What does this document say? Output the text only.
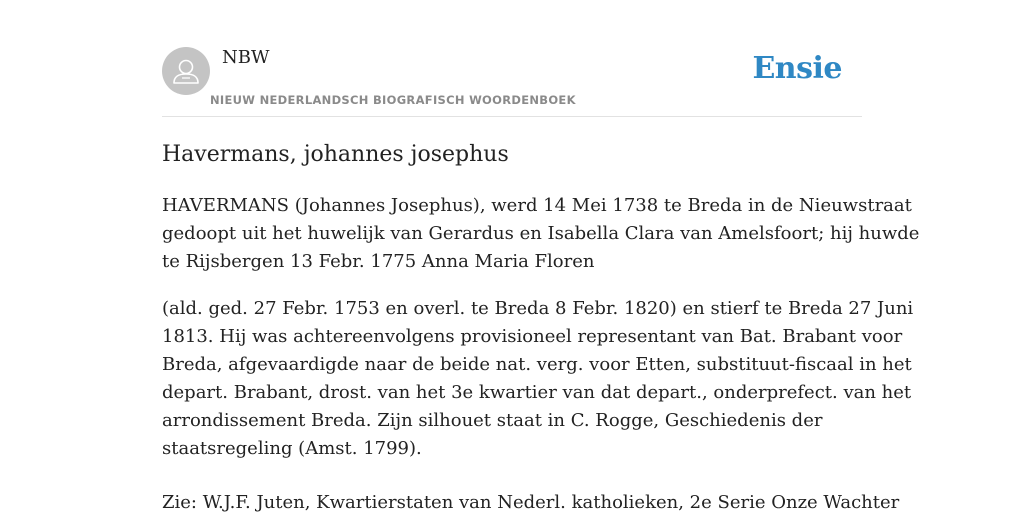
NBW
NIEUW NEDERLANDSCH BIOGRAFISCH WOORDENBOEK
Ensie
Havermans, johannes josephus

HAVERMANS (Johannes Josephus), werd 14 Mei 1738 te Breda in de Nieuwstraat
gedoopt uit het huwelijk van Gerardus en Isabella Clara van Amelsfoort; hij huwde
te Rijsbergen 13 Febr. 1775 Anna Maria Floren

(ald. ged. 27 Febr. 1753 en overl. te Breda 8 Febr. 1820) en stierf te Breda 27 Juni
1813. Hij was achtereenvolgens provisioneel representant van Bat. Brabant voor
Breda, afgevaardigde naar de beide nat. verg. voor Etten, substituut-fiscaal in het
depart. Brabant, drost. van het 3e kwartier van dat depart., onderprefect. van het
arrondissement Breda. Zijn silhouet staat in C. Rogge, Geschiedenis der
staatsregeling (Amst. 1799).

Zie: W.J.F. Juten, Kwartierstaten van Nederl. katholieken, 2e Serie Onze Wachter
